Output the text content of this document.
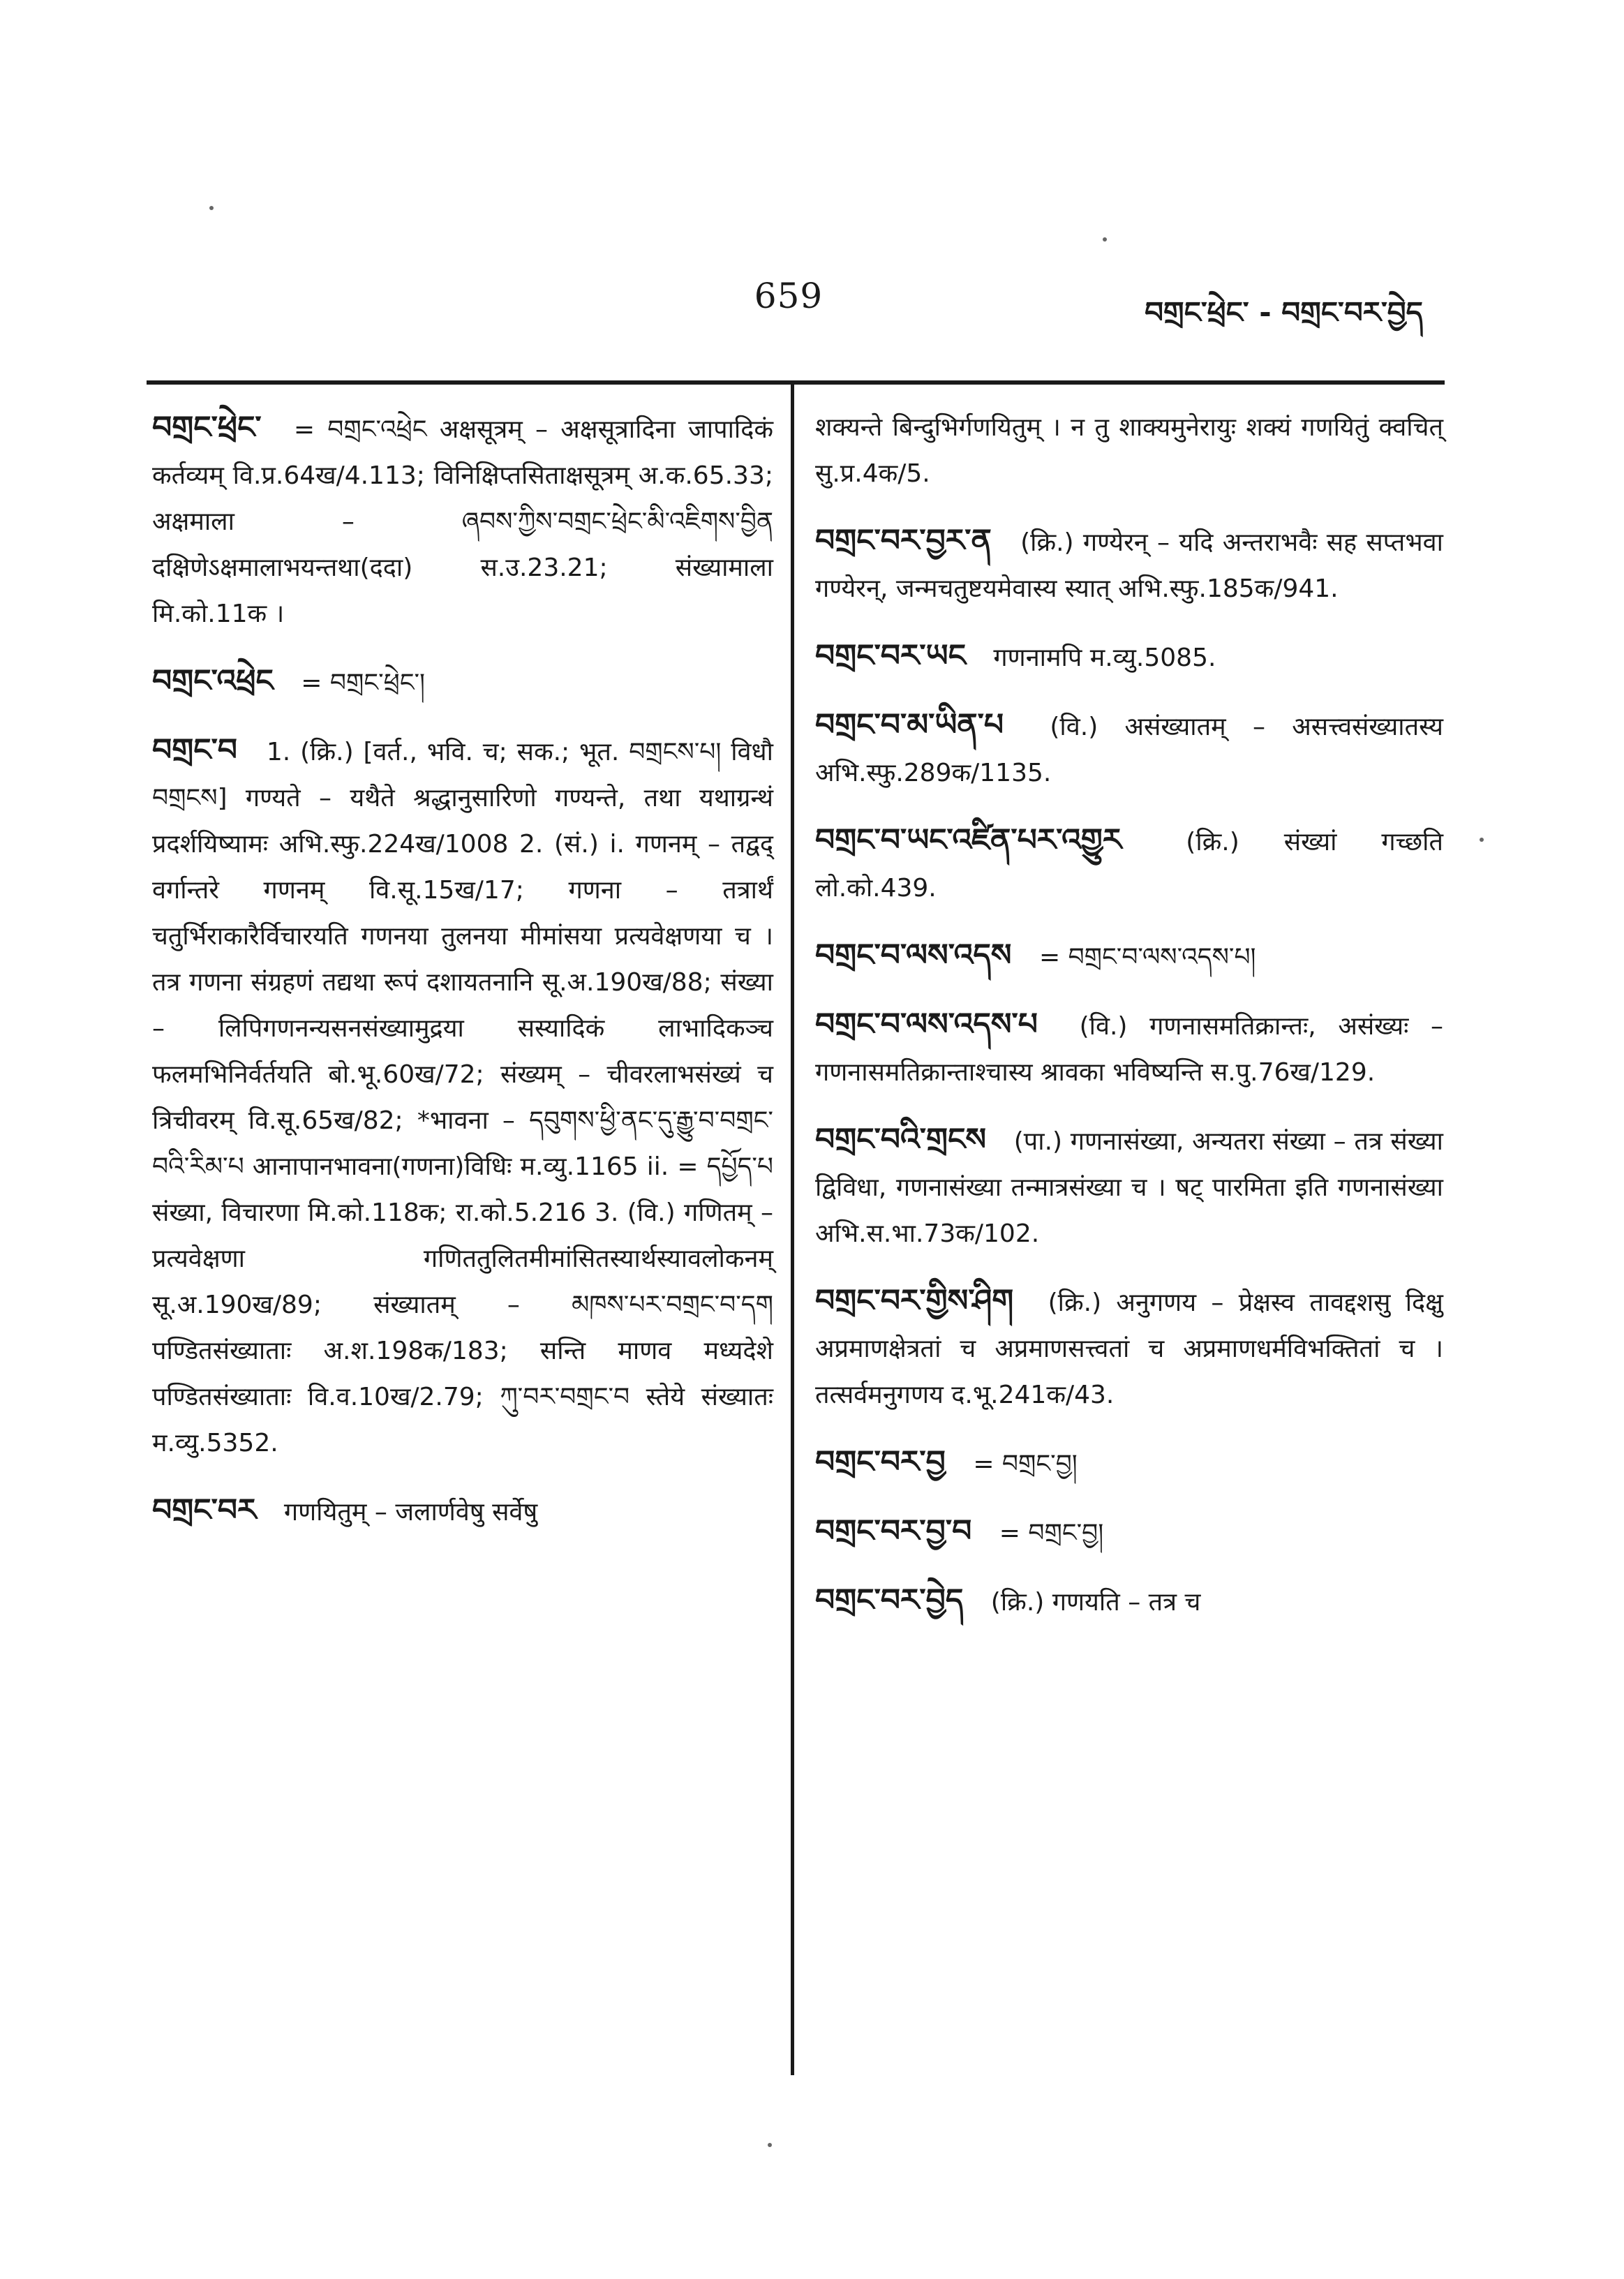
659	བགྲང་ཕྲེང་ - བགྲང་བར་བྱེད

བགྲང་ཕྲེང་ = བགྲང་འཕྲེང अक्षसूत्रम् – अक्षसूत्रादिना जापादिकं कर्तव्यम् वि.प्र.64ख/4.113; विनिक्षिप्तसिताक्षसूत्रम् अ.क.65.33; अक्षमाला – ཞབས་ཀྱིས་བགྲང་ཕྲེང་མི་འཇིགས་བྱིན दक्षिणेऽक्षमालाभयन्तथा(ददा) स.उ.23.21; संख्यामाला मि.को.11क ।

བགྲང་འཕྲེང = བགྲང་ཕྲེང་།

བགྲང་བ 1. (क्रि.) [वर्त., भवि. च; सक.; भूत. བགྲངས་པ། विधौ བགྲངས] गण्यते – यथैते श्रद्धानुसारिणो गण्यन्ते, तथा यथाग्रन्थं प्रदर्शयिष्यामः अभि.स्फु.224ख/1008 2. (सं.) i. गणनम् – तद्वद् वर्गान्तरे गणनम् वि.सू.15ख/17; गणना – तत्रार्थं चतुर्भिराकारैर्विचारयति गणनया तुलनया मीमांसया प्रत्यवेक्षणया च । तत्र गणना संग्रहणं तद्यथा रूपं दशायतनानि सू.अ.190ख/88; संख्या – लिपिगणनन्यसनसंख्यामुद्रया सस्यादिकं लाभादिकञ्च फलमभिनिर्वर्तयति बो.भू.60ख/72; संख्यम् – चीवरलाभसंख्यं च त्रिचीवरम् वि.सू.65ख/82; *भावना – དབུགས་ཕྱི་ནང་དུ་རྒྱུ་བ་བགྲང་བའི་རིམ་པ आनापानभावना(गणना)विधिः म.व्यु.1165 ii. = དཔྱོད་པ संख्या, विचारणा मि.को.118क; रा.को.5.216 3. (वि.) गणितम् – प्रत्यवेक्षणा गणिततुलितमीमांसितस्यार्थस्यावलोकनम् सू.अ.190ख/89; संख्यातम् – མཁས་པར་བགྲང་བ་དག पण्डितसंख्याताः अ.श.198क/183; सन्ति माणव मध्यदेशे पण्डितसंख्याताः वि.व.10ख/2.79; ཀུ་བར་བགྲང་བ स्तेये संख्यातः म.व्यु.5352.

བགྲང་བར गणयितुम् – जलार्णवेषु सर्वेषु

शक्यन्ते बिन्दुभिर्गणयितुम् । न तु शाक्यमुनेरायुः शक्यं गणयितुं क्वचित् सु.प्र.4क/5.

བགྲང་བར་བྱར་ན (क्रि.) गण्येरन् – यदि अन्तराभवैः सह सप्तभवा गण्येरन्, जन्मचतुष्टयमेवास्य स्यात् अभि.स्फु.185क/941.

བགྲང་བར་ཡང गणनामपि म.व्यु.5085.

བགྲང་བ་མ་ཡིན་པ (वि.) असंख्यातम् – असत्त्वसंख्यातस्य अभि.स्फु.289क/1135.

བགྲང་བ་ཡང་འཛིན་པར་འགྱུར	(क्रि.) संख्यां गच्छति लो.को.439.

བགྲང་བ་ལས་འདས = བགྲང་བ་ལས་འདས་པ།

བགྲང་བ་ལས་འདས་པ (वि.) गणनासमतिक्रान्तः, असंख्यः – गणनासमतिक्रान्ताश्चास्य श्रावका भविष्यन्ति स.पु.76ख/129.

བགྲང་བའི་གྲངས (पा.) गणनासंख्या, अन्यतरा संख्या – तत्र संख्या द्विविधा, गणनासंख्या तन्मात्रसंख्या च । षट् पारमिता इति गणनासंख्या अभि.स.भा.73क/102.

བགྲང་བར་གྱིས་ཤིག (क्रि.) अनुगणय – प्रेक्षस्व तावद्दशसु दिक्षु अप्रमाणक्षेत्रतां च अप्रमाणसत्त्वतां च अप्रमाणधर्मविभक्तितां च । तत्सर्वमनुगणय द.भू.241क/43.

བགྲང་བར་བྱ = བགྲང་བྱ།

བགྲང་བར་བྱ་བ = བགྲང་བྱ།

བགྲང་བར་བྱེད (क्रि.) गणयति – तत्र च
